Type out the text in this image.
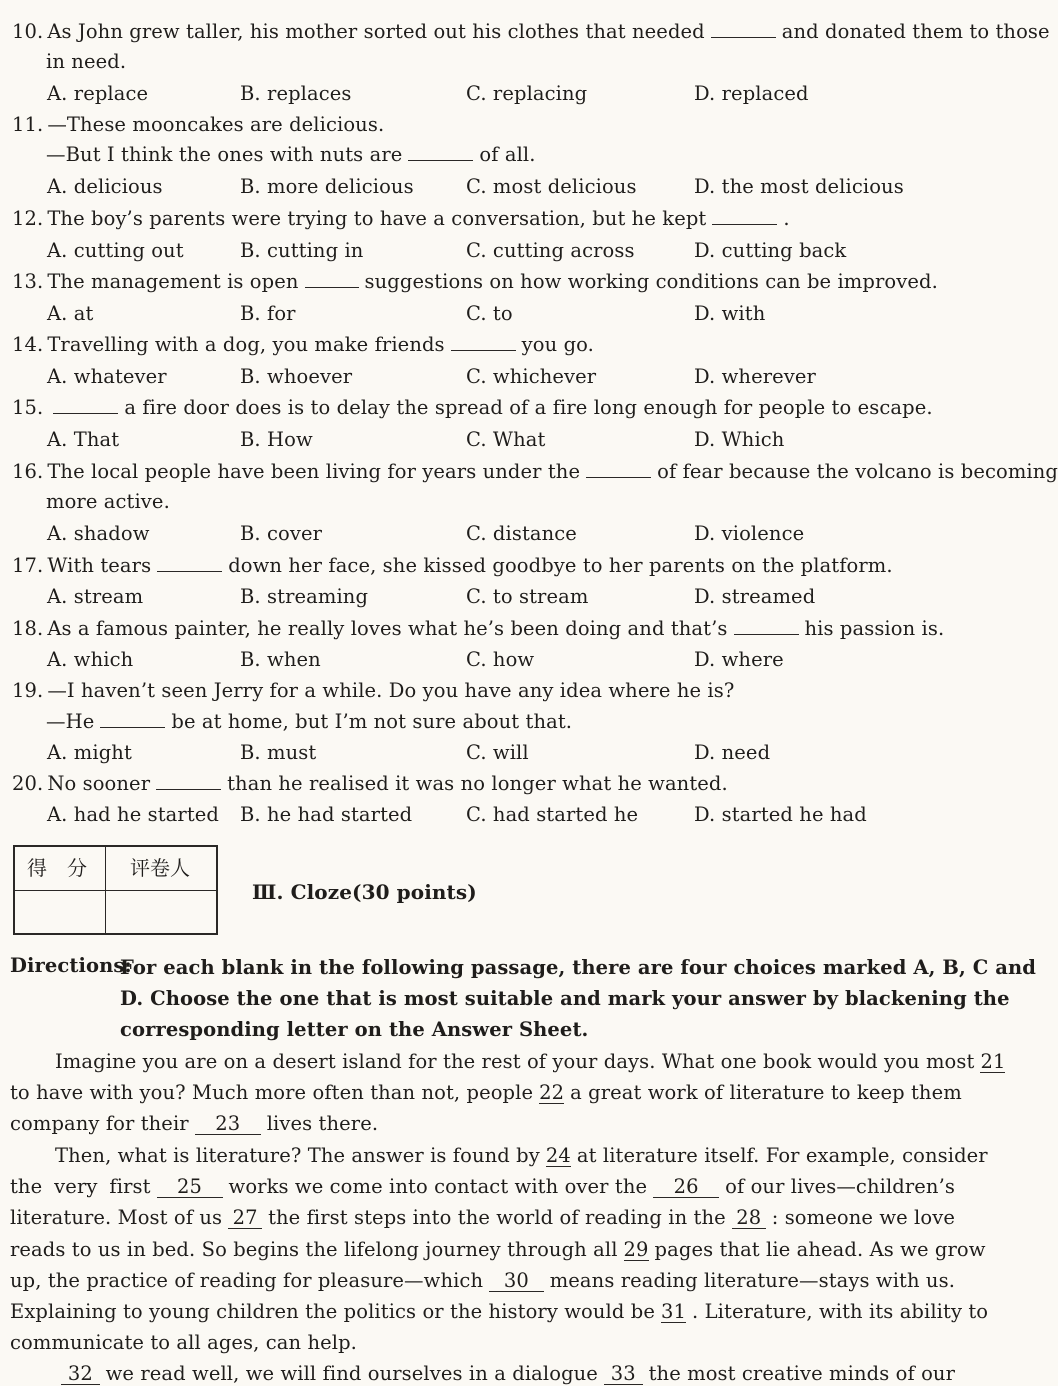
10. As John grew taller, his mother sorted out his clothes that needed	and donated them to those
in need.
A. replace	B. replaces	C. replacing	D. replaced
11. —These mooncakes are delicious.
—But I think the ones with nuts are	of all.
A. delicious	B. more delicious	C. most delicious	D. the most delicious
12. The boy’s parents were trying to have a conversation, but he kept	.
A. cutting out	B. cutting in	C. cutting across	D. cutting back
13. The management is open	suggestions on how working conditions can be improved.
A. at	B. for	C. to	D. with
14. Travelling with a dog, you make friends	you go.
A. whatever	B. whoever	C. whichever	D. wherever
15.	a fire door does is to delay the spread of a fire long enough for people to escape.
A. That	B. How	C. What	D. Which
16. The local people have been living for years under the	of fear because the volcano is becoming
more active.
A. shadow	B. cover	C. distance	D. violence
17. With tears	down her face, she kissed goodbye to her parents on the platform.
A. stream	B. streaming	C. to stream	D. streamed
18. As a famous painter, he really loves what he’s been doing and that’s	his passion is.
A. which	B. when	C. how	D. where
19. —I haven’t seen Jerry for a while. Do you have any idea where he is?
—He	be at home, but I’m not sure about that.
A. might	B. must	C. will	D. need
20. No sooner	than he realised it was no longer what he wanted.
A. had he started B. he had started	C. had started he	D. started he had
得　分 评卷人
Ⅲ. Cloze(30 points)
Directions:
For each blank in the following passage, there are four choices marked A, B, C and
D. Choose the one that is most suitable and mark your answer by blackening the
corresponding letter on the Answer Sheet.
Imagine you are on a desert island for the rest of your days. What one book would you most 21
to have with you? Much more often than not, people 22 a great work of literature to keep them
company for their 23 lives there.
Then, what is literature? The answer is found by 24 at literature itself. For example, consider
the very first	25	works we come into contact with over the	26	of our lives—children’s
literature. Most of us 27 the first steps into the world of reading in the 28 : someone we love
reads to us in bed. So begins the lifelong journey through all 29 pages that lie ahead. As we grow
up, the practice of reading for pleasure—which	30	means reading literature—stays with us.
Explaining to young children the politics or the history would be 31 . Literature, with its ability to
communicate to all ages, can help.
32 we read well, we will find ourselves in a dialogue 33 the most creative minds of our
